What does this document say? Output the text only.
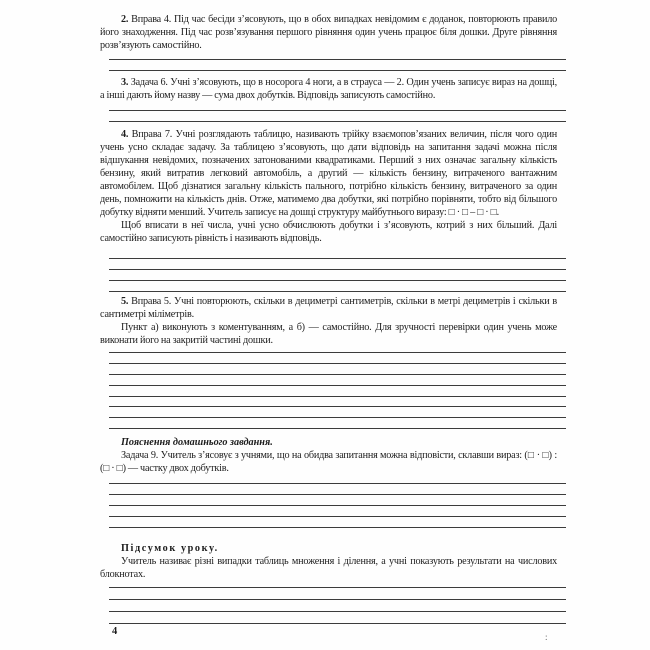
2. Вправа 4. Під час бесіди з’ясовують, що в обох випадках невідомим є доданок, повторюють правило його знаходження. Під час розв’язування першого рівняння один учень працює біля дошки. Друге рівняння розв’язують самостійно.

3. Задача 6. Учні з’ясовують, що в носорога 4 ноги, а в страуса — 2. Один учень записує вираз на дошці, а інші дають йому назву — сума двох добутків. Відповідь записують самостійно.

4. Вправа 7. Учні розглядають таблицю, називають трійку взаємопов’язаних величин, після чого один учень усно складає задачу. За таблицею з’ясовують, що дати відповідь на запитання задачі можна після відшукання невідомих, позначених затонованими квадратиками. Перший з них означає загальну кількість бензину, який витратив легковий автомобіль, а другий — кількість бензину, витраченого вантажним автомобілем. Щоб дізнатися загальну кількість пального, потрібно кількість бензину, витраченого за один день, помножити на кількість днів. Отже, матимемо два добутки, які потрібно порівняти, тобто від більшого добутку відняти менший. Учитель записує на дошці структуру майбутнього виразу: □ · □ – □ · □.

Щоб вписати в неї числа, учні усно обчислюють добутки і з’ясовують, котрий з них більший. Далі самостійно записують рівність і називають відповідь.

5. Вправа 5. Учні повторюють, скільки в дециметрі сантиметрів, скільки в метрі дециметрів і скільки в сантиметрі міліметрів.

Пункт а) виконують з коментуванням, а б) — самостійно. Для зручності перевірки один учень може виконати його на закритій частині дошки.

Пояснення домашнього завдання.

Задача 9. Учитель з’ясовує з учнями, що на обидва запитання можна відповісти, склавши вираз: (□ · □) : (□ · □) — частку двох добутків.

Підсумок уроку.

Учитель називає різні випадки таблиць множення і ділення, а учні показують результати на числових блокнотах.

4	:
